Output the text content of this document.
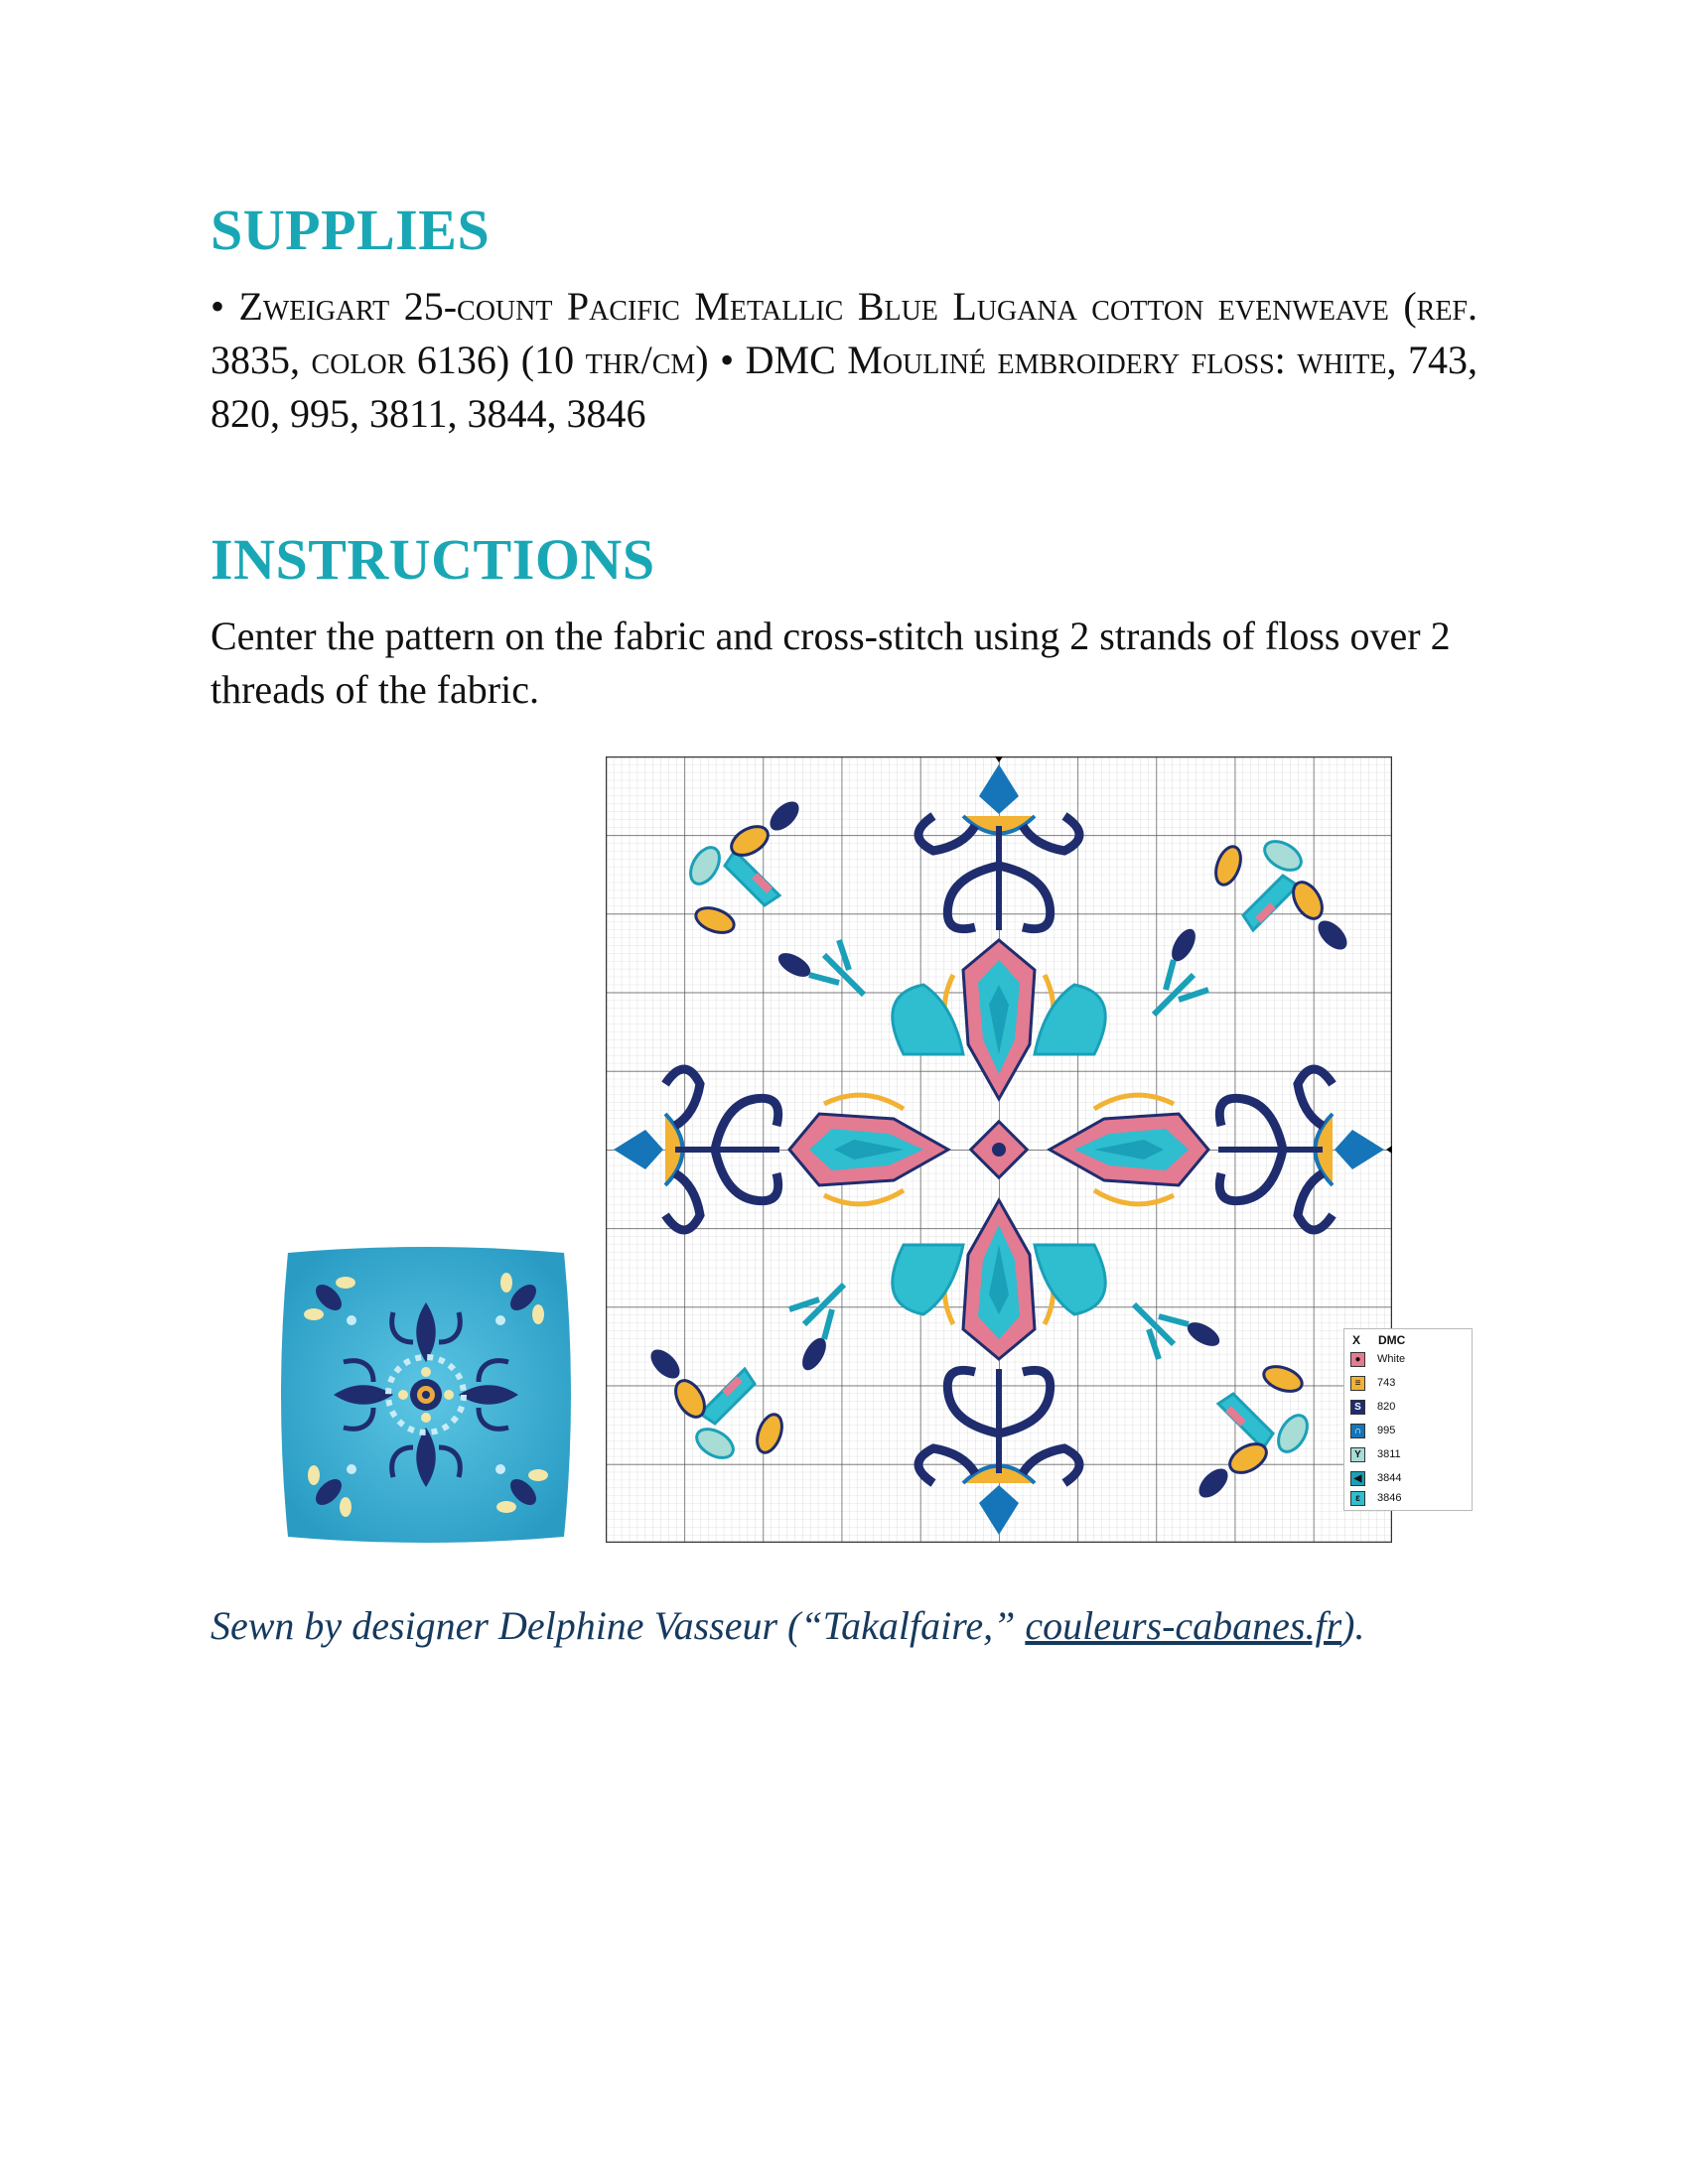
SUPPLIES

• Zweigart 25-count Pacific Metallic Blue Lugana cotton evenweave (ref. 3835, color 6136) (10 thr/cm) • DMC Mouliné embroidery floss: white, 743, 820, 995, 3811, 3844, 3846

INSTRUCTIONS

Center the pattern on the fabric and cross-stitch using 2 strands of floss over 2 threads of the fabric.

X DMC
●	White
≡	743
S	820
∩	995
Y	3811
◀	3844
ε	3846

Sewn by designer Delphine Vasseur (“Takalfaire,” couleurs-cabanes.fr).
